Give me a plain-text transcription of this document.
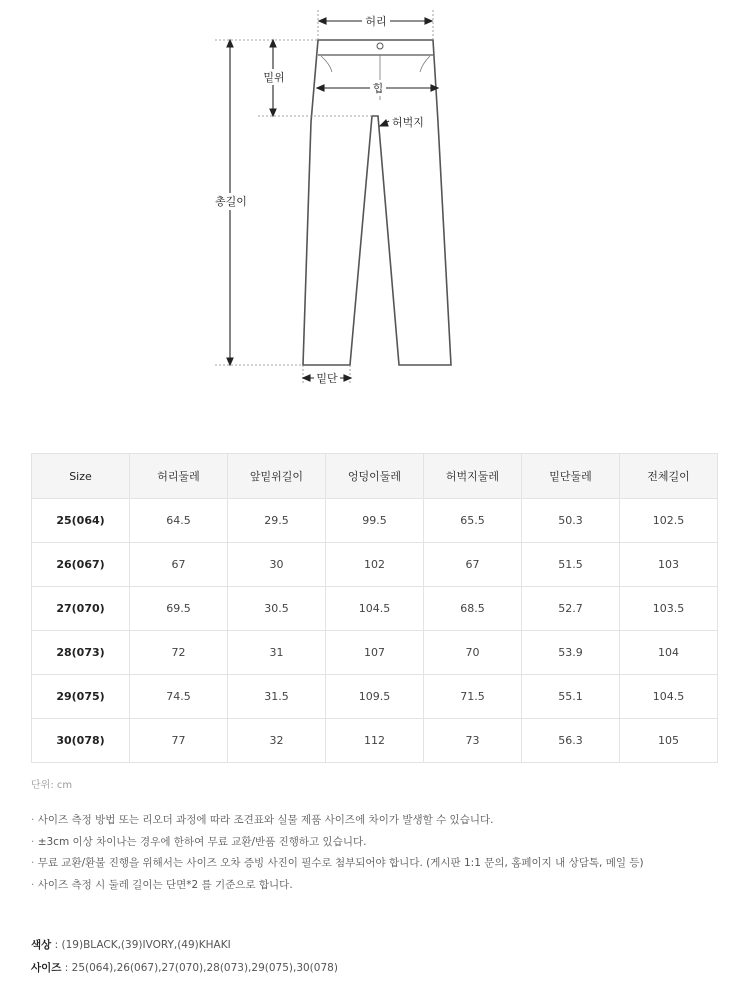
허리
힙
밑위
총길이
밑단
허벅지
Size	허리둘레	앞밑위길이	엉덩이둘레	허벅지둘레	밑단둘레	전체길이
25(064)	64.5	29.5	99.5	65.5	50.3	102.5
26(067)	67	30	102	67	51.5	103
27(070)	69.5	30.5	104.5	68.5	52.7	103.5
28(073)	72	31	107	70	53.9	104
29(075)	74.5	31.5	109.5	71.5	55.1	104.5
30(078)	77	32	112	73	56.3	105
단위: cm
· 사이즈 측정 방법 또는 리오더 과정에 따라 조견표와 실물 제품 사이즈에 차이가 발생할 수 있습니다.
· ±3cm 이상 차이나는 경우에 한하여 무료 교환/반품 진행하고 있습니다.
· 무료 교환/환불 진행을 위해서는 사이즈 오차 증빙 사진이 필수로 첨부되어야 합니다. (게시판 1:1 문의, 홈페이지 내 상담톡, 메일 등)
· 사이즈 측정 시 둘레 길이는 단면*2 를 기준으로 합니다.
색상 : (19)BLACK,(39)IVORY,(49)KHAKI
사이즈 : 25(064),26(067),27(070),28(073),29(075),30(078)
